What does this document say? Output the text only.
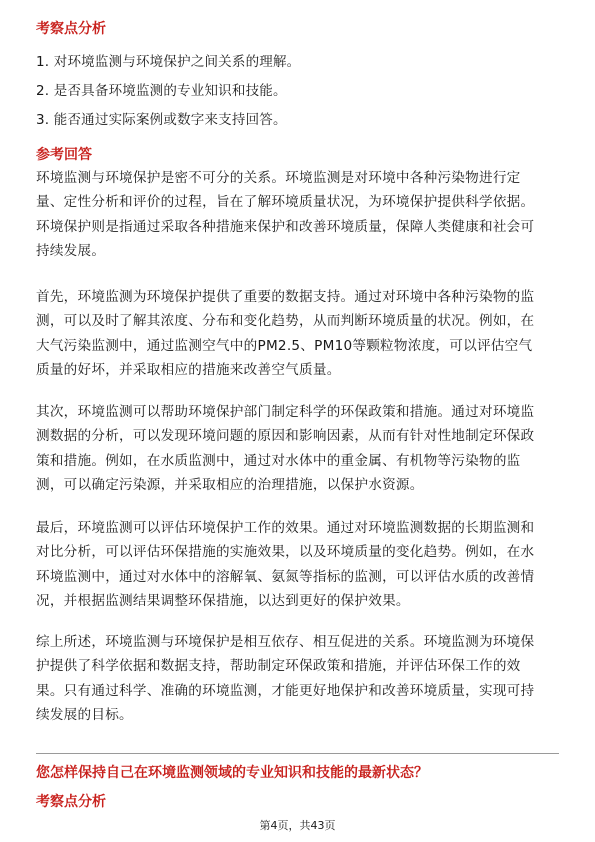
考察点分析
1. 对环境监测与环境保护之间关系的理解。
2. 是否具备环境监测的专业知识和技能。
3. 能否通过实际案例或数字来支持回答。
参考回答
环境监测与环境保护是密不可分的关系。环境监测是对环境中各种污染物进行定
量、定性分析和评价的过程，旨在了解环境质量状况，为环境保护提供科学依据。
环境保护则是指通过采取各种措施来保护和改善环境质量，保障人类健康和社会可
持续发展。
首先，环境监测为环境保护提供了重要的数据支持。通过对环境中各种污染物的监
测，可以及时了解其浓度、分布和变化趋势，从而判断环境质量的状况。例如，在
大气污染监测中，通过监测空气中的PM2.5、PM10等颗粒物浓度，可以评估空气
质量的好坏，并采取相应的措施来改善空气质量。
其次，环境监测可以帮助环境保护部门制定科学的环保政策和措施。通过对环境监
测数据的分析，可以发现环境问题的原因和影响因素，从而有针对性地制定环保政
策和措施。例如，在水质监测中，通过对水体中的重金属、有机物等污染物的监
测，可以确定污染源，并采取相应的治理措施，以保护水资源。
最后，环境监测可以评估环境保护工作的效果。通过对环境监测数据的长期监测和
对比分析，可以评估环保措施的实施效果，以及环境质量的变化趋势。例如，在水
环境监测中，通过对水体中的溶解氧、氨氮等指标的监测，可以评估水质的改善情
况，并根据监测结果调整环保措施，以达到更好的保护效果。
综上所述，环境监测与环境保护是相互依存、相互促进的关系。环境监测为环境保
护提供了科学依据和数据支持，帮助制定环保政策和措施，并评估环保工作的效
果。只有通过科学、准确的环境监测，才能更好地保护和改善环境质量，实现可持
续发展的目标。
您怎样保持自己在环境监测领域的专业知识和技能的最新状态？
考察点分析
第4页，共43页
